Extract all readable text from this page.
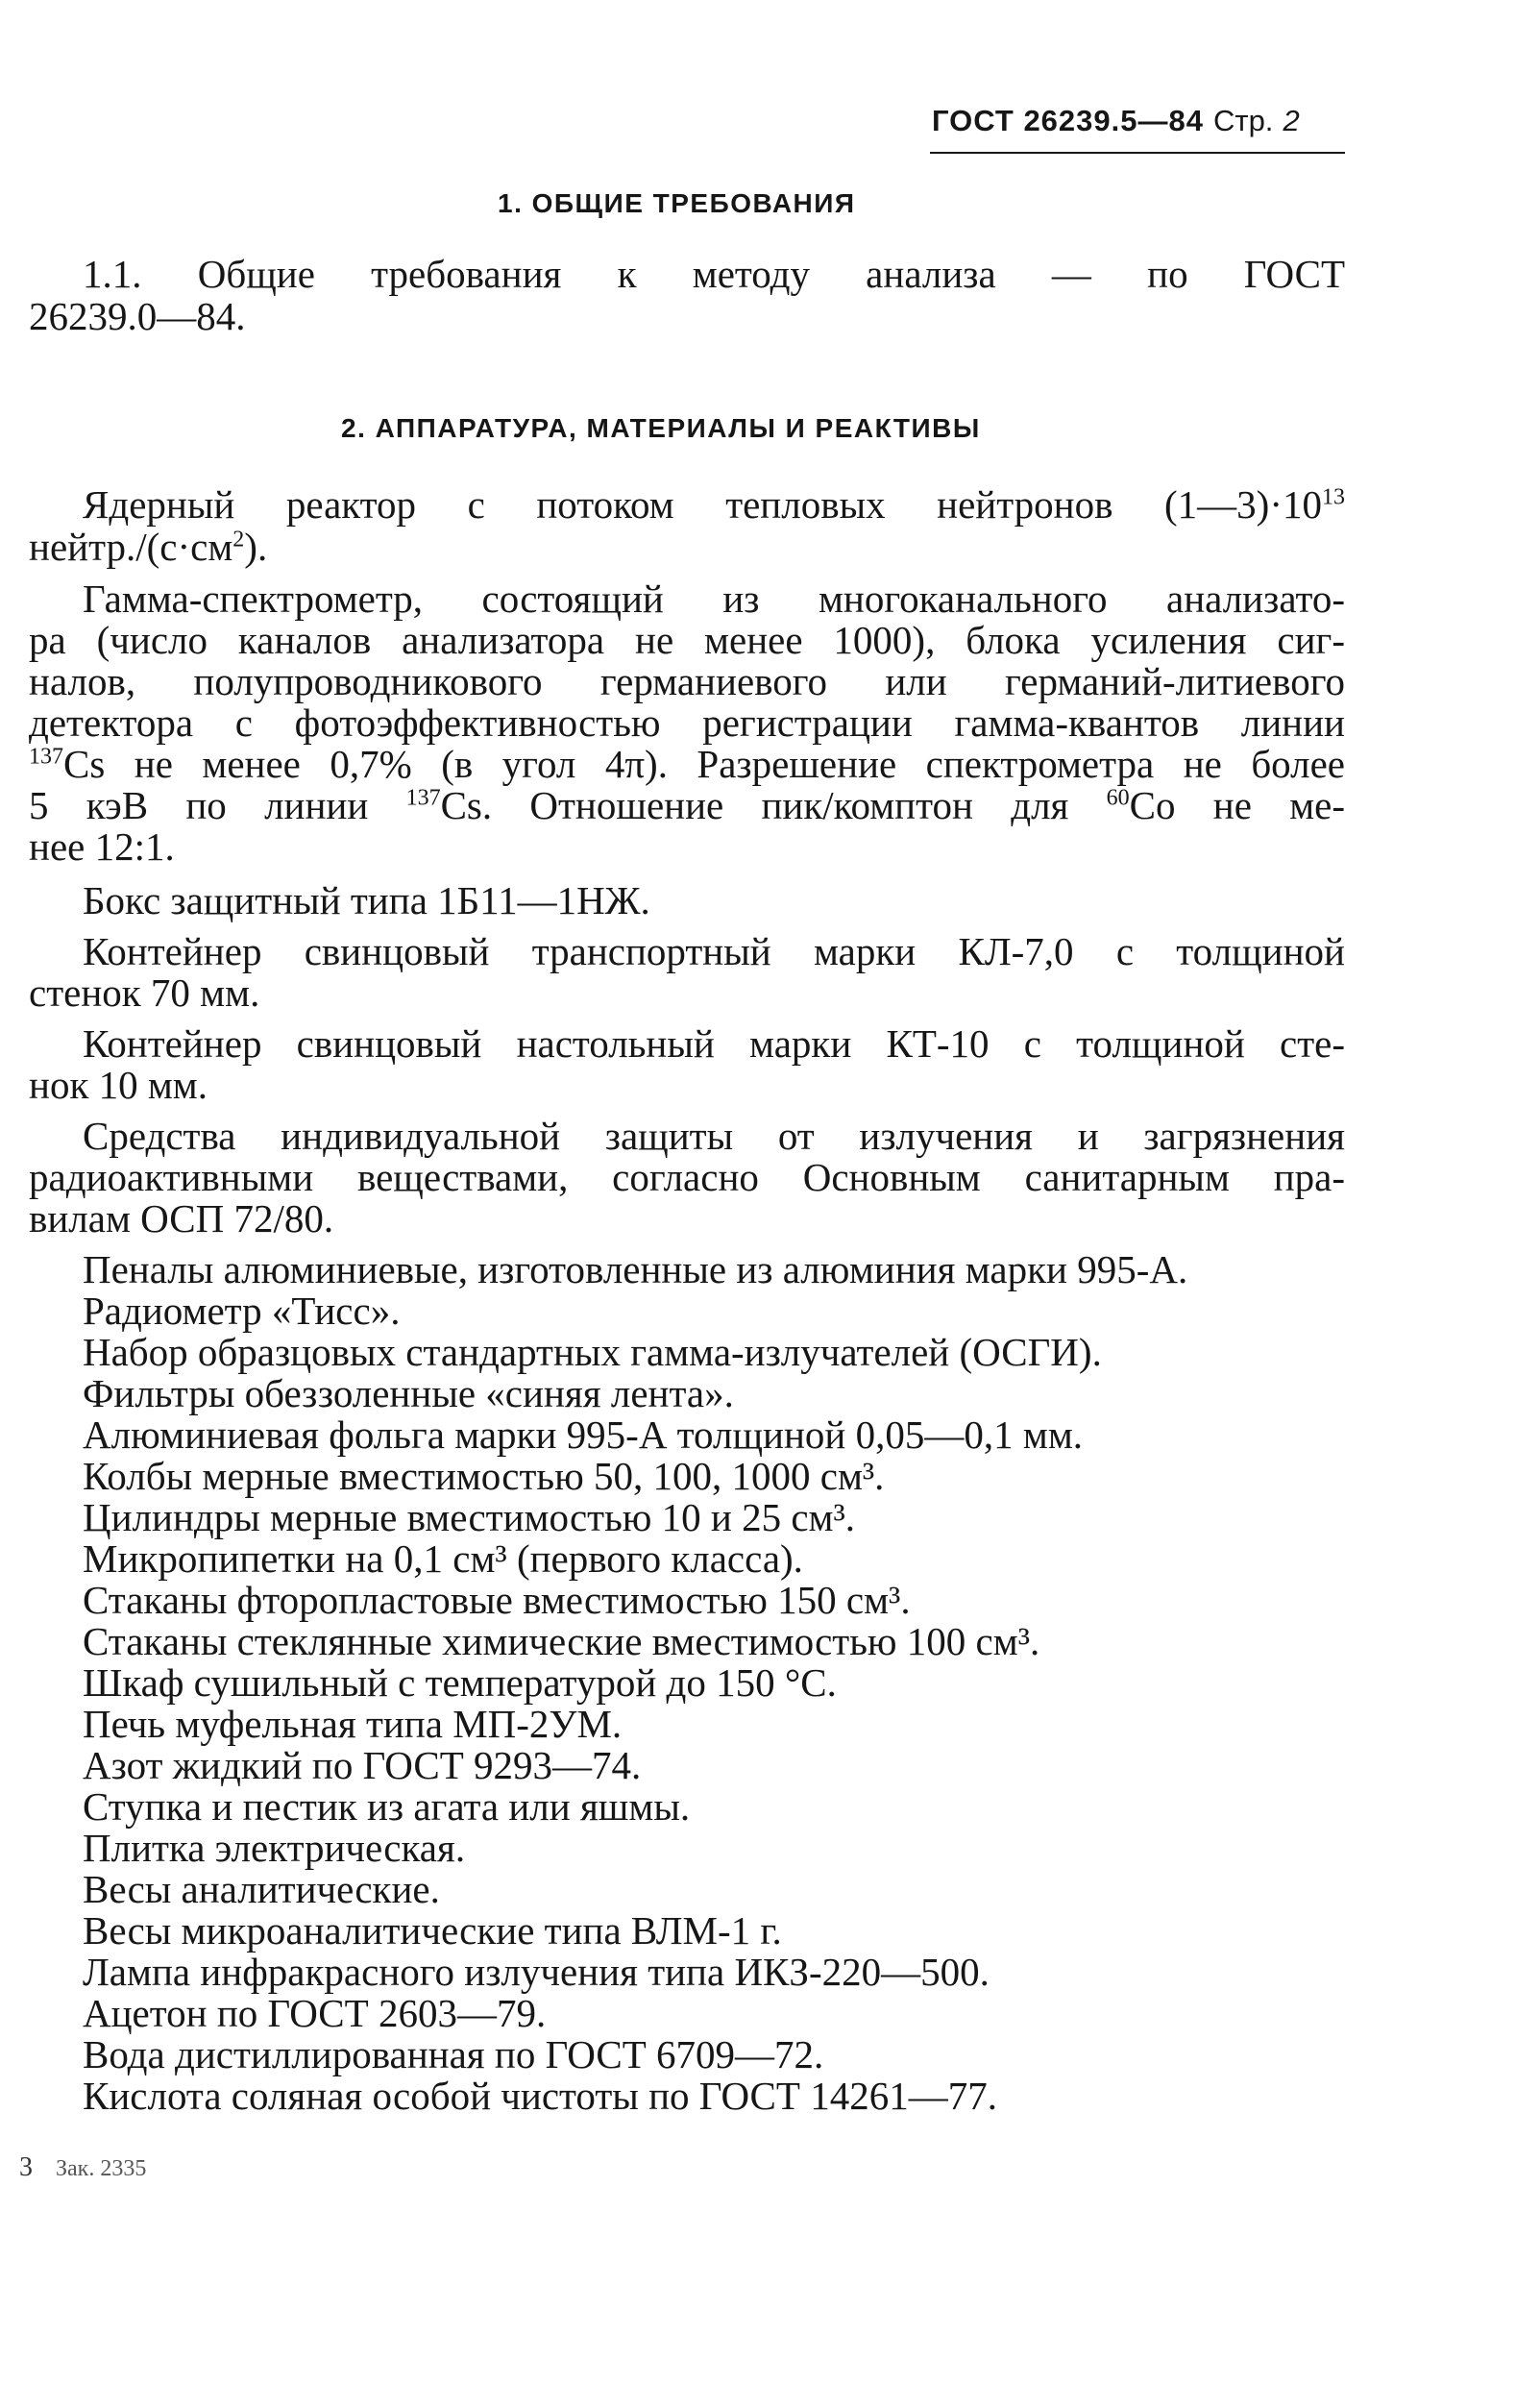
ГОСТ 26239.5—84 Стр. 2
1. ОБЩИЕ ТРЕБОВАНИЯ
1.1. Общие требования к методу анализа — по ГОСТ
26239.0—84.
2. АППАРАТУРА, МАТЕРИАЛЫ И РЕАКТИВЫ
Ядерный реактор с потоком тепловых нейтронов $(1—3)\cdot 10^{13}$
$нейтр./(с\cdot см^2)$.
Гамма-спектрометр, состоящий из многоканального анализато-
ра (число каналов анализатора не менее 1000), блока усиления сиг-
налов, полупроводникового германиевого или германий-литиевого
детектора с фотоэффективностью регистрации гамма-квантов линии
$^{137}$Cs не менее 0,7% (в угол 4π). Разрешение спектрометра не более
5 кэВ по линии $^{137}$Cs. Отношение пик/комптон для $^{60}$Co не ме-
нее 12:1.
Бокс защитный типа 1Б11—1НЖ.
Контейнер свинцовый транспортный марки КЛ-7,0 с толщиной
стенок 70 мм.
Контейнер свинцовый настольный марки КТ-10 с толщиной сте-
нок 10 мм.
Средства индивидуальной защиты от излучения и загрязнения
радиоактивными веществами, согласно Основным санитарным пра-
вилам ОСП 72/80.
Пеналы алюминиевые, изготовленные из алюминия марки 995-А.
Радиометр «Тисс».
Набор образцовых стандартных гамма-излучателей (ОСГИ).
Фильтры обеззоленные «синяя лента».
Алюминиевая фольга марки 995-А толщиной 0,05—0,1 мм.
Колбы мерные вместимостью 50, 100, 1000 см³.
Цилиндры мерные вместимостью 10 и 25 см³.
Микропипетки на 0,1 см³ (первого класса).
Стаканы фторопластовые вместимостью 150 см³.
Стаканы стеклянные химические вместимостью 100 см³.
Шкаф сушильный с температурой до 150 °С.
Печь муфельная типа МП-2УМ.
Азот жидкий по ГОСТ 9293—74.
Ступка и пестик из агата или яшмы.
Плитка электрическая.
Весы аналитические.
Весы микроаналитические типа ВЛМ-1 г.
Лампа инфракрасного излучения типа ИКЗ-220—500.
Ацетон по ГОСТ 2603—79.
Вода дистиллированная по ГОСТ 6709—72.
Кислота соляная особой чистоты по ГОСТ 14261—77.
3 Зак. 2335
